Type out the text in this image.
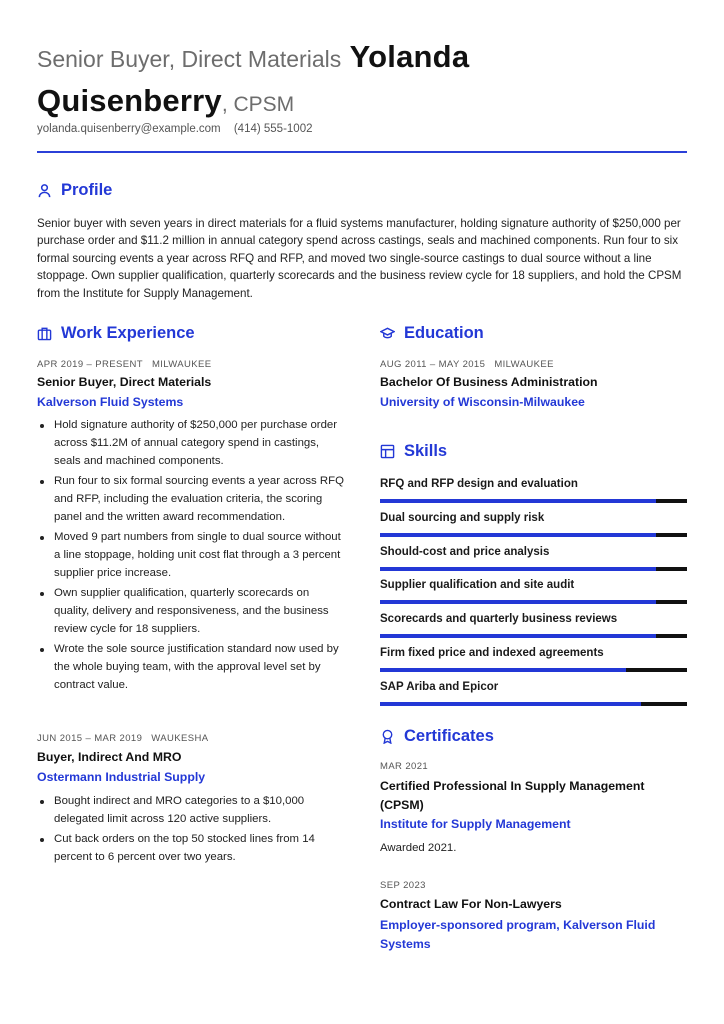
Senior Buyer, Direct Materials Yolanda
Quisenberry, CPSM
yolanda.quisenberry@example.com (414) 555-1002
Profile
Senior buyer with seven years in direct materials for a fluid systems manufacturer, holding signature authority of $250,000 per purchase order and $11.2 million in annual category spend across castings, seals and machined components. Run four to six formal sourcing events a year across RFQ and RFP, and moved two single-source castings to dual source without a line stoppage. Own supplier qualification, quarterly scorecards and the business review cycle for 18 suppliers, and hold the CPSM from the Institute for Supply Management.
Work Experience
APR 2019 – PRESENT MILWAUKEE
Senior Buyer, Direct Materials
Kalverson Fluid Systems
Hold signature authority of $250,000 per purchase order across $11.2M of annual category spend in castings, seals and machined components.
Run four to six formal sourcing events a year across RFQ and RFP, including the evaluation criteria, the scoring panel and the written award recommendation.
Moved 9 part numbers from single to dual source without a line stoppage, holding unit cost flat through a 3 percent supplier price increase.
Own supplier qualification, quarterly scorecards on quality, delivery and responsiveness, and the business review cycle for 18 suppliers.
Wrote the sole source justification standard now used by the whole buying team, with the approval level set by contract value.
JUN 2015 – MAR 2019 WAUKESHA
Buyer, Indirect And MRO
Ostermann Industrial Supply
Bought indirect and MRO categories to a $10,000 delegated limit across 120 active suppliers.
Cut back orders on the top 50 stocked lines from 14 percent to 6 percent over two years.
Education
AUG 2011 – MAY 2015 MILWAUKEE
Bachelor Of Business Administration
University of Wisconsin-Milwaukee
Skills
RFQ and RFP design and evaluation
Dual sourcing and supply risk
Should-cost and price analysis
Supplier qualification and site audit
Scorecards and quarterly business reviews
Firm fixed price and indexed agreements
SAP Ariba and Epicor
Certificates
MAR 2021
Certified Professional In Supply Management (CPSM)
Institute for Supply Management
Awarded 2021.
SEP 2023
Contract Law For Non-Lawyers
Employer-sponsored program, Kalverson Fluid Systems
